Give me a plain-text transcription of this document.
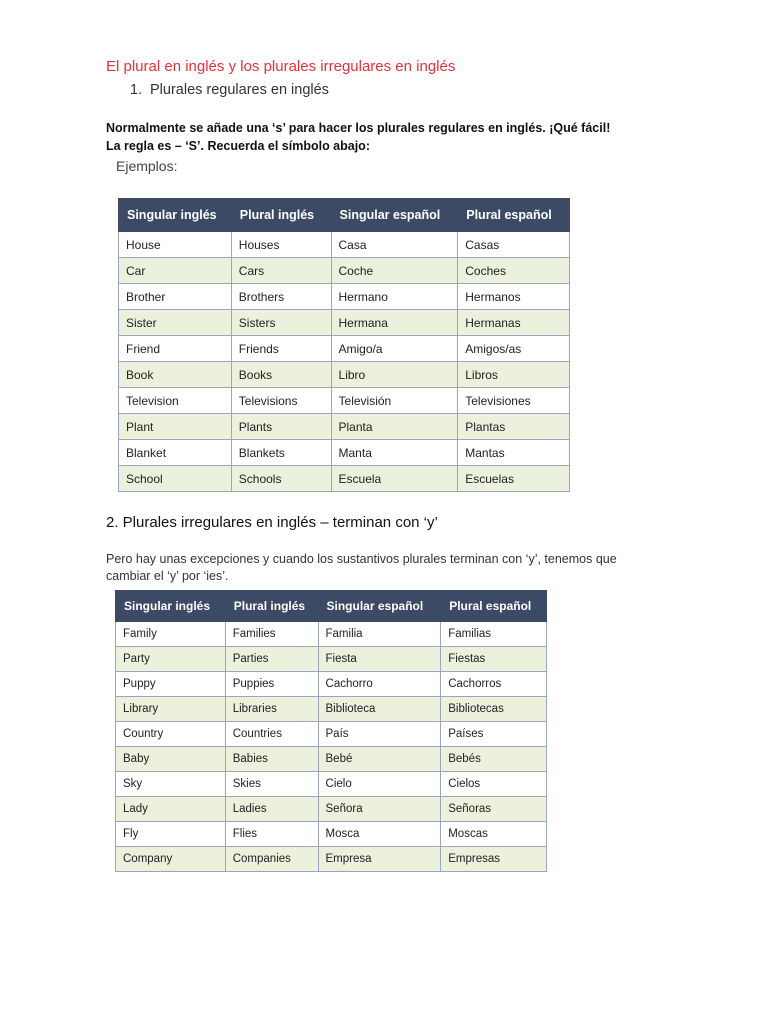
El plural en inglés y los plurales irregulares en inglés
1. Plurales regulares en inglés
Normalmente se añade una ‘s’ para hacer los plurales regulares en inglés. ¡Qué fácil!
La regla es – ‘S’. Recuerda el símbolo abajo:
Ejemplos:
Singular inglés	Plural inglés	Singular español	Plural español
House	Houses	Casa	Casas
Car	Cars	Coche	Coches
Brother	Brothers	Hermano	Hermanos
Sister	Sisters	Hermana	Hermanas
Friend	Friends	Amigo/a	Amigos/as
Book	Books	Libro	Libros
Television	Televisions	Televisión	Televisiones
Plant	Plants	Planta	Plantas
Blanket	Blankets	Manta	Mantas
School	Schools	Escuela	Escuelas
2. Plurales irregulares en inglés – terminan con ‘y’
Pero hay unas excepciones y cuando los sustantivos plurales terminan con ‘y’, tenemos que
cambiar el ‘y’ por ‘ies’.
Singular inglés	Plural inglés	Singular español	Plural español
Family	Families	Familia	Familias
Party	Parties	Fiesta	Fiestas
Puppy	Puppies	Cachorro	Cachorros
Library	Libraries	Biblioteca	Bibliotecas
Country	Countries	País	Países
Baby	Babies	Bebé	Bebés
Sky	Skies	Cielo	Cielos
Lady	Ladies	Señora	Señoras
Fly	Flies	Mosca	Moscas
Company	Companies	Empresa	Empresas
